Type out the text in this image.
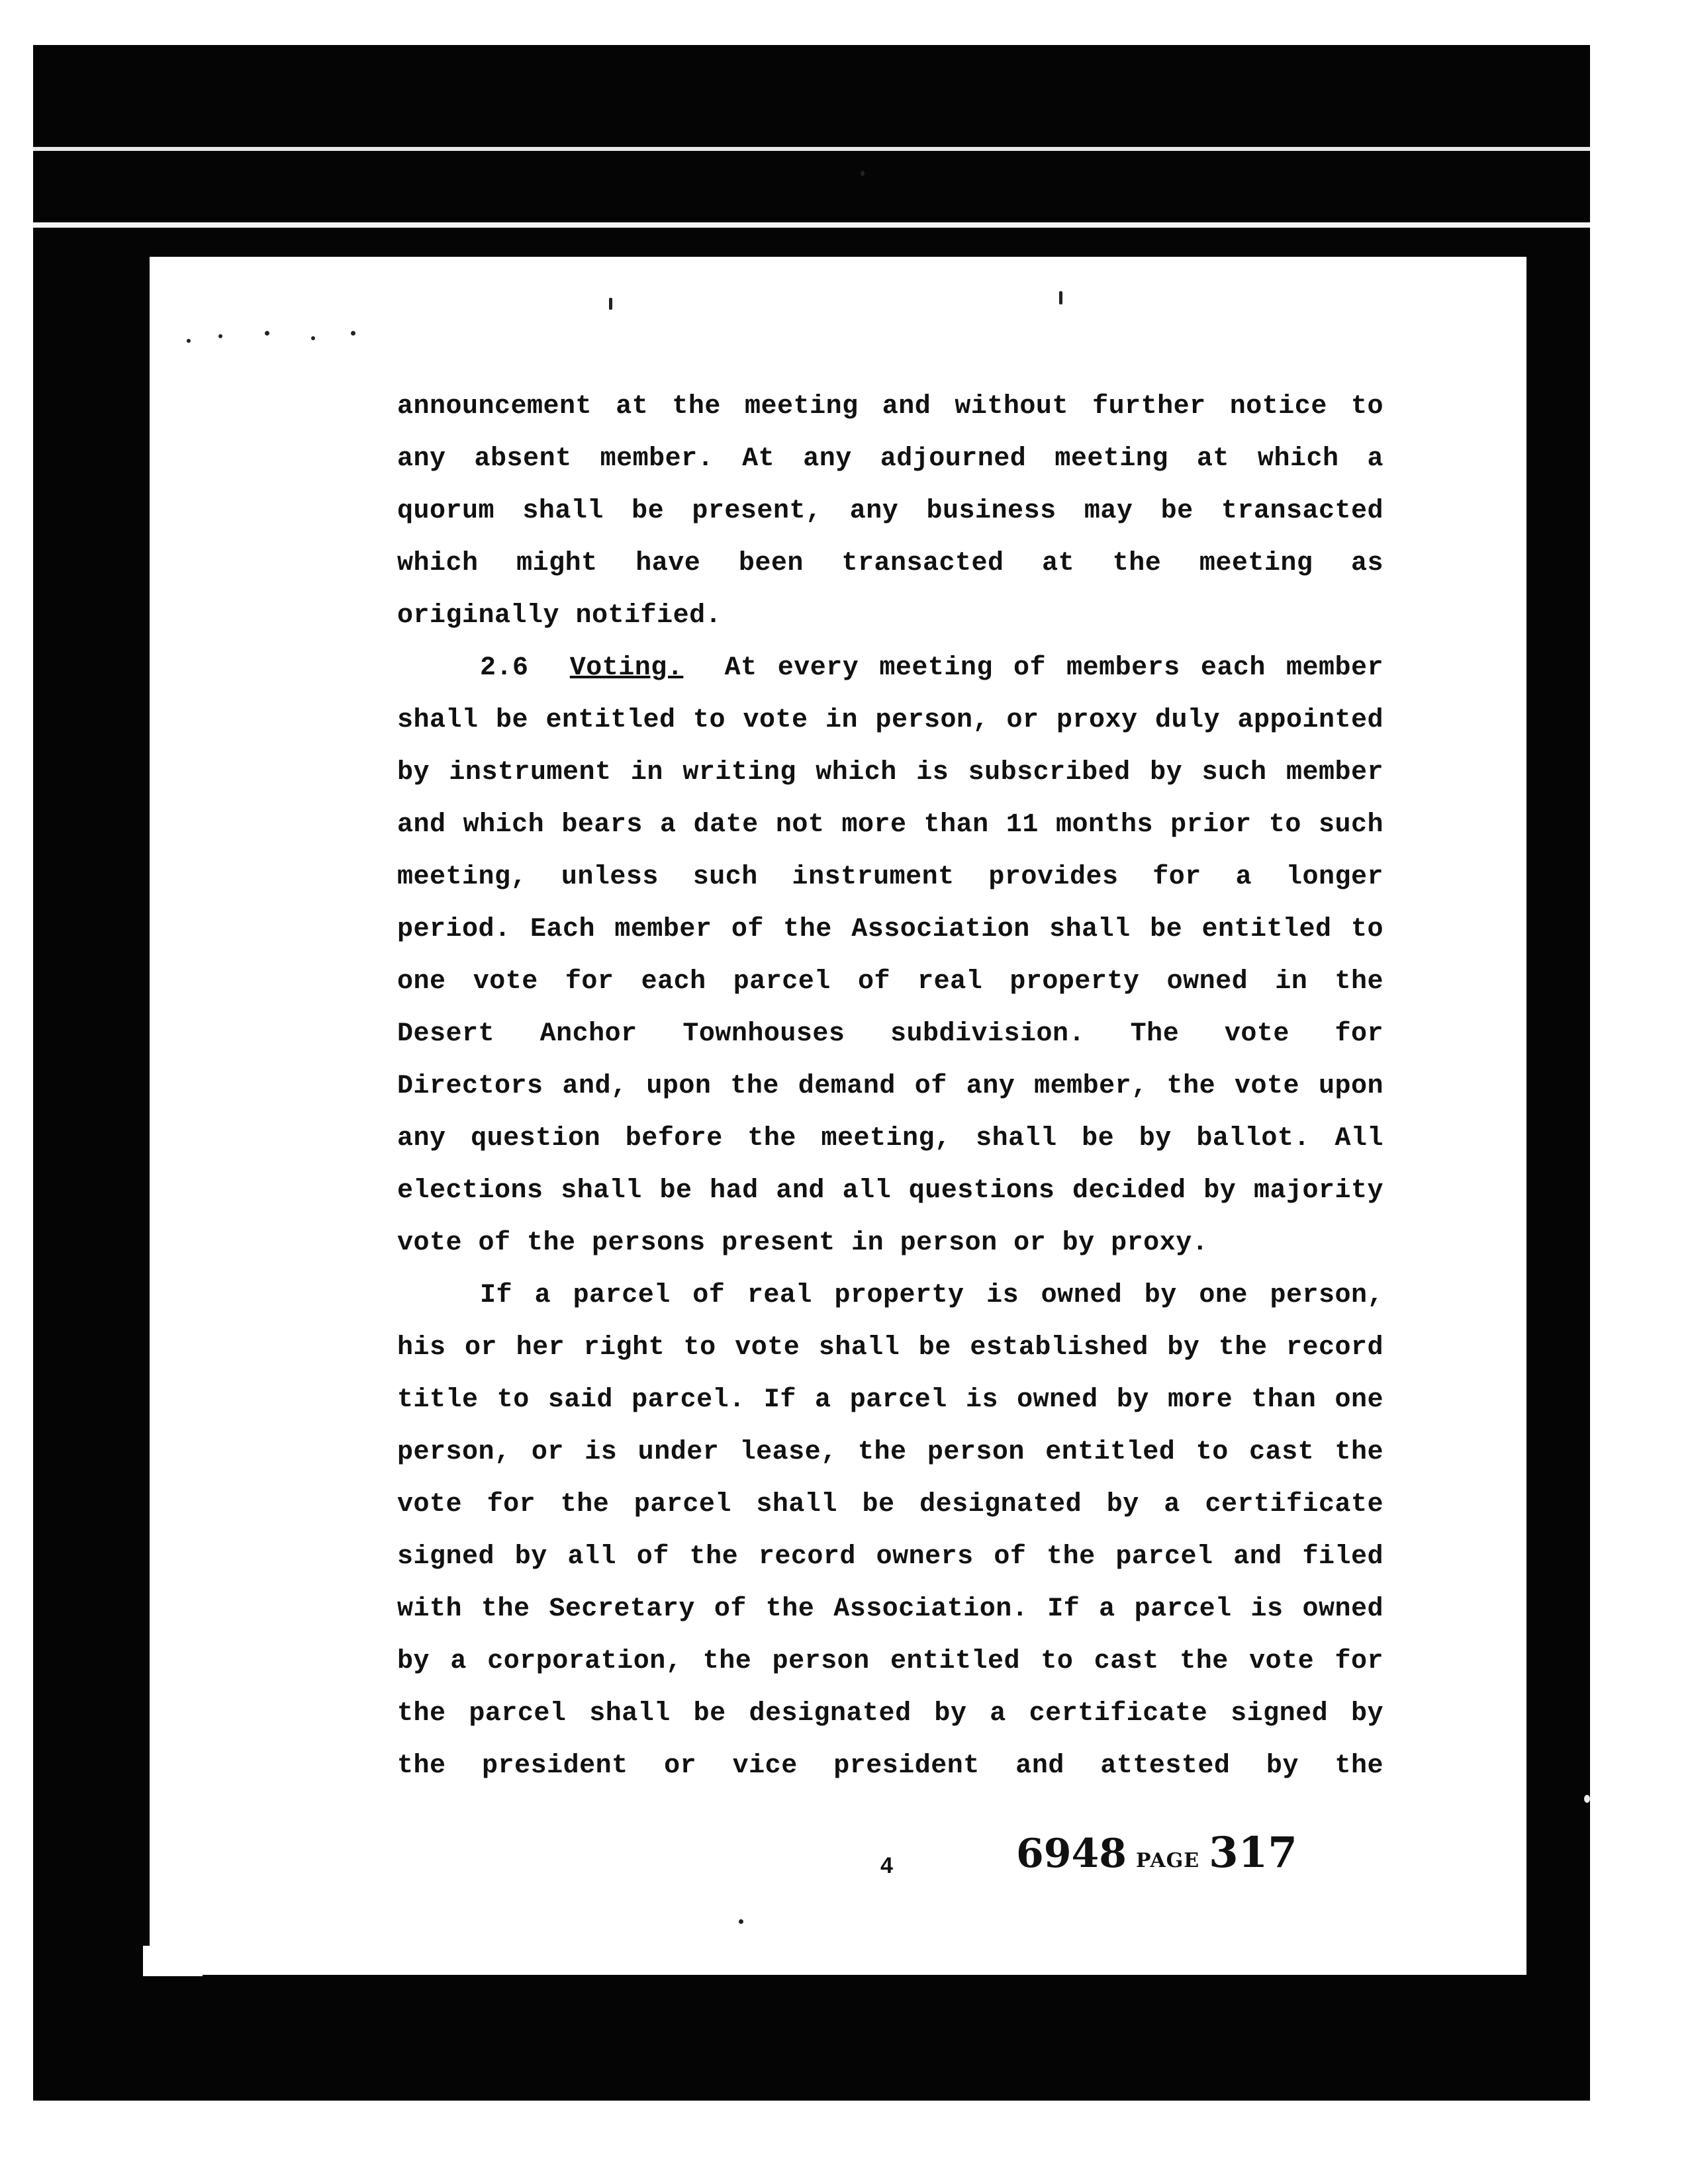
announcement at the meeting and without further notice to
any absent member. At any adjourned meeting at which a
quorum shall be present, any business may be transacted
which might have been transacted at the meeting as
originally notified.
2.6 Voting. At every meeting of members each member
shall be entitled to vote in person, or proxy duly appointed
by instrument in writing which is subscribed by such member
and which bears a date not more than 11 months prior to such
meeting, unless such instrument provides for a longer
period. Each member of the Association shall be entitled to
one vote for each parcel of real property owned in the
Desert Anchor Townhouses subdivision. The vote for
Directors and, upon the demand of any member, the vote upon
any question before the meeting, shall be by ballot. All
elections shall be had and all questions decided by majority
vote of the persons present in person or by proxy.
If a parcel of real property is owned by one person,
his or her right to vote shall be established by the record
title to said parcel. If a parcel is owned by more than one
person, or is under lease, the person entitled to cast the
vote for the parcel shall be designated by a certificate
signed by all of the record owners of the parcel and filed
with the Secretary of the Association. If a parcel is owned
by a corporation, the person entitled to cast the vote for
the parcel shall be designated by a certificate signed by
the president or vice president and attested by the
4	6948 PAGE 317
